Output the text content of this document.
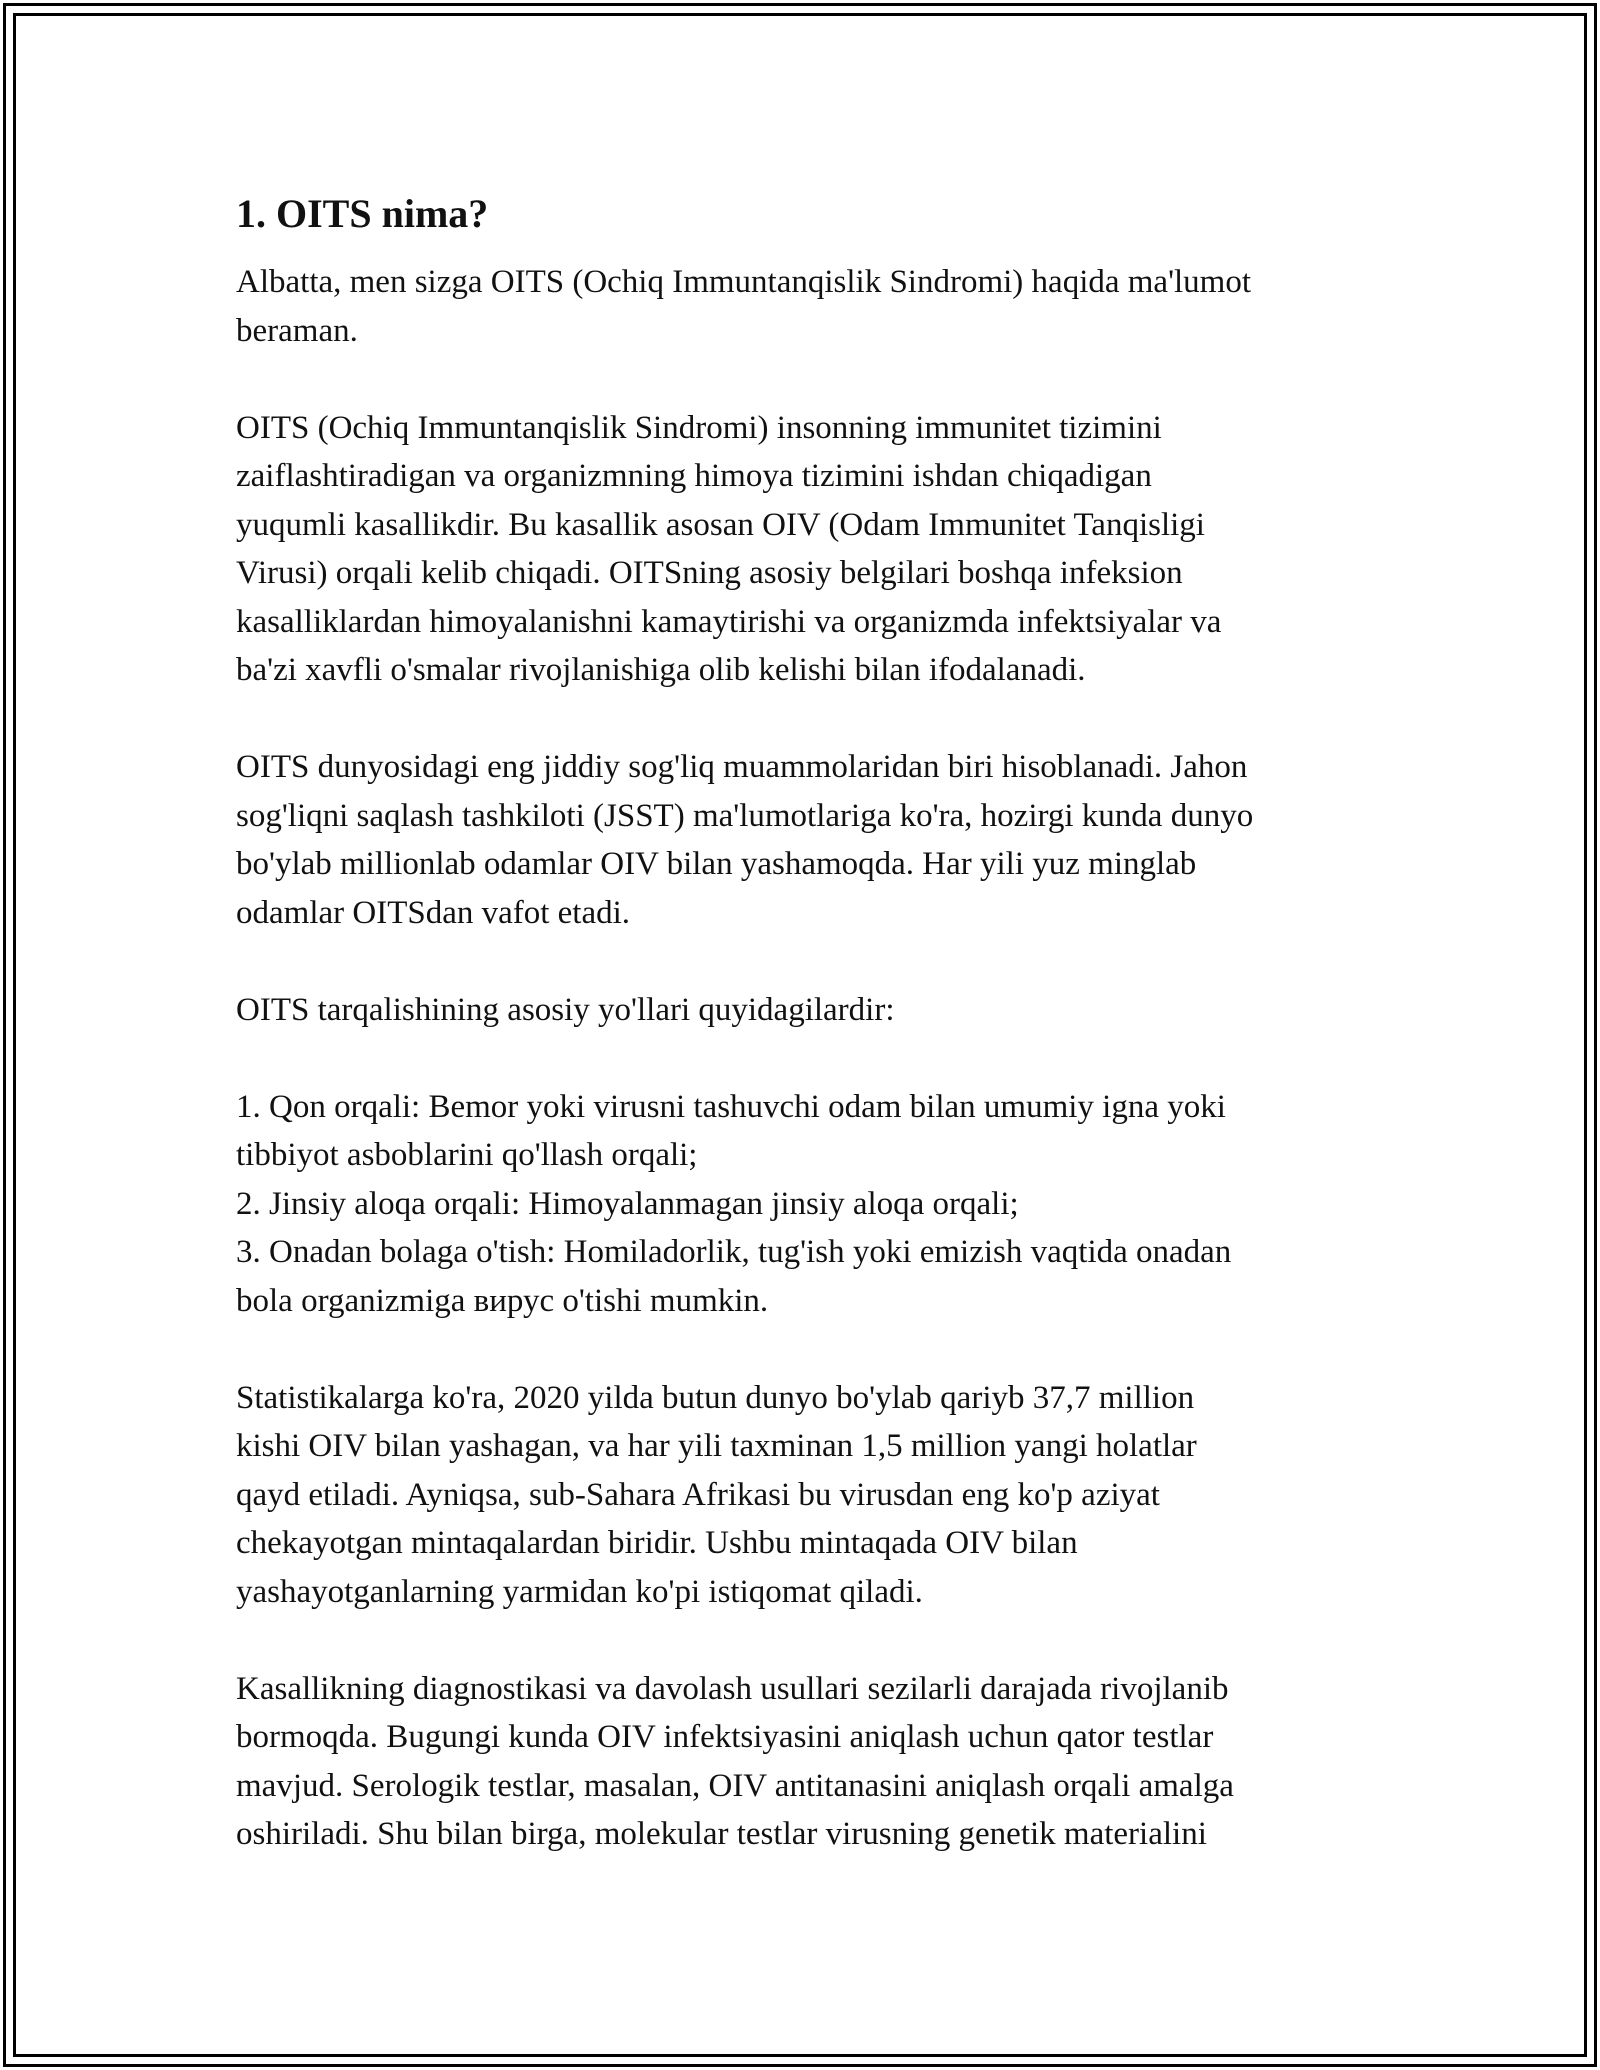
1. OITS nima?

Albatta, men sizga OITS (Ochiq Immuntanqislik Sindromi) haqida ma'lumot
beraman.

OITS (Ochiq Immuntanqislik Sindromi) insonning immunitet tizimini
zaiflashtiradigan va organizmning himoya tizimini ishdan chiqadigan
yuqumli kasallikdir. Bu kasallik asosan OIV (Odam Immunitet Tanqisligi
Virusi) orqali kelib chiqadi. OITSning asosiy belgilari boshqa infeksion
kasalliklardan himoyalanishni kamaytirishi va organizmda infektsiyalar va
ba'zi xavfli o'smalar rivojlanishiga olib kelishi bilan ifodalanadi.

OITS dunyosidagi eng jiddiy sog'liq muammolaridan biri hisoblanadi. Jahon
sog'liqni saqlash tashkiloti (JSST) ma'lumotlariga ko'ra, hozirgi kunda dunyo
bo'ylab millionlab odamlar OIV bilan yashamoqda. Har yili yuz minglab
odamlar OITSdan vafot etadi.

OITS tarqalishining asosiy yo'llari quyidagilardir:

1. Qon orqali: Bemor yoki virusni tashuvchi odam bilan umumiy igna yoki
tibbiyot asboblarini qo'llash orqali;
2. Jinsiy aloqa orqali: Himoyalanmagan jinsiy aloqa orqali;
3. Onadan bolaga o'tish: Homiladorlik, tug'ish yoki emizish vaqtida onadan
bola organizmiga вирус o'tishi mumkin.

Statistikalarga ko'ra, 2020 yilda butun dunyo bo'ylab qariyb 37,7 million
kishi OIV bilan yashagan, va har yili taxminan 1,5 million yangi holatlar
qayd etiladi. Ayniqsa, sub-Sahara Afrikasi bu virusdan eng ko'p aziyat
chekayotgan mintaqalardan biridir. Ushbu mintaqada OIV bilan
yashayotganlarning yarmidan ko'pi istiqomat qiladi.

Kasallikning diagnostikasi va davolash usullari sezilarli darajada rivojlanib
bormoqda. Bugungi kunda OIV infektsiyasini aniqlash uchun qator testlar
mavjud. Serologik testlar, masalan, OIV antitanasini aniqlash orqali amalga
oshiriladi. Shu bilan birga, molekular testlar virusning genetik materialini
